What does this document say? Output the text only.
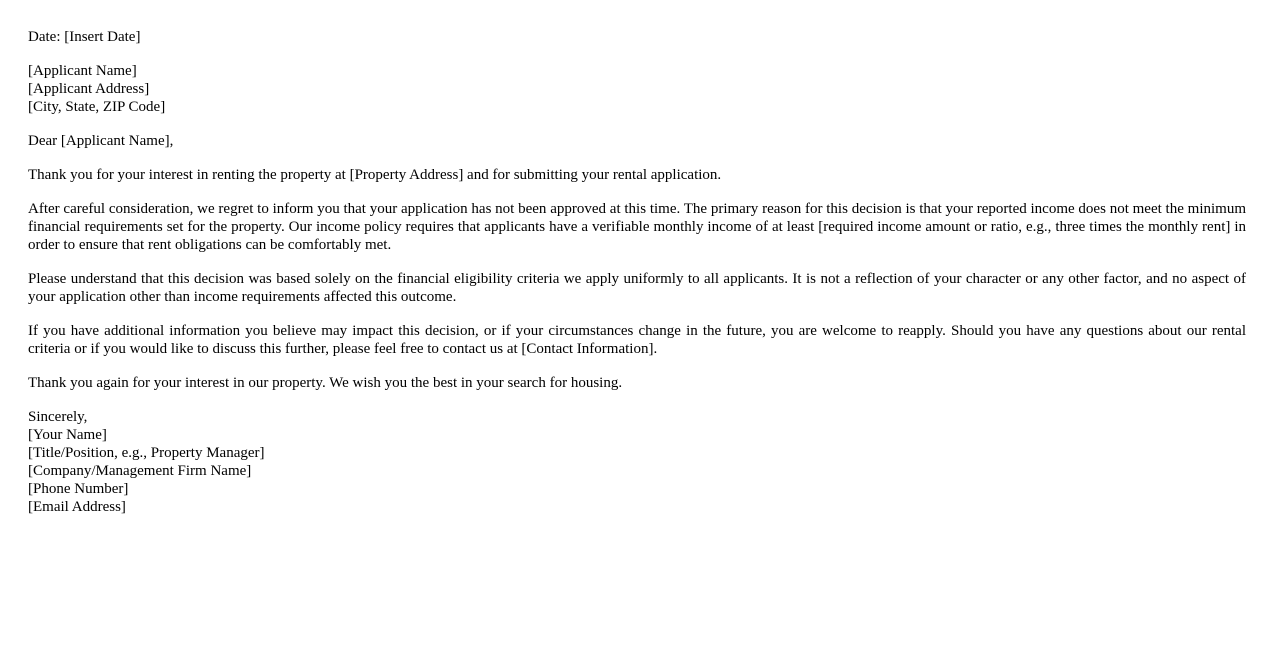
Date: [Insert Date]
[Applicant Name]
[Applicant Address]
[City, State, ZIP Code]
Dear [Applicant Name],

Thank you for your interest in renting the property at [Property Address] and for submitting your rental application.

After careful consideration, we regret to inform you that your application has not been approved at this time. The primary reason for this decision is that your reported income does not meet the minimum financial requirements set for the property. Our income policy requires that applicants have a verifiable monthly income of at least [required income amount or ratio, e.g., three times the monthly rent] in order to ensure that rent obligations can be comfortably met.

Please understand that this decision was based solely on the financial eligibility criteria we apply uniformly to all applicants. It is not a reflection of your character or any other factor, and no aspect of your application other than income requirements affected this outcome.

If you have additional information you believe may impact this decision, or if your circumstances change in the future, you are welcome to reapply. Should you have any questions about our rental criteria or if you would like to discuss this further, please feel free to contact us at [Contact Information].

Thank you again for your interest in our property. We wish you the best in your search for housing.

Sincerely,
[Your Name]
[Title/Position, e.g., Property Manager]
[Company/Management Firm Name]
[Phone Number]
[Email Address]
